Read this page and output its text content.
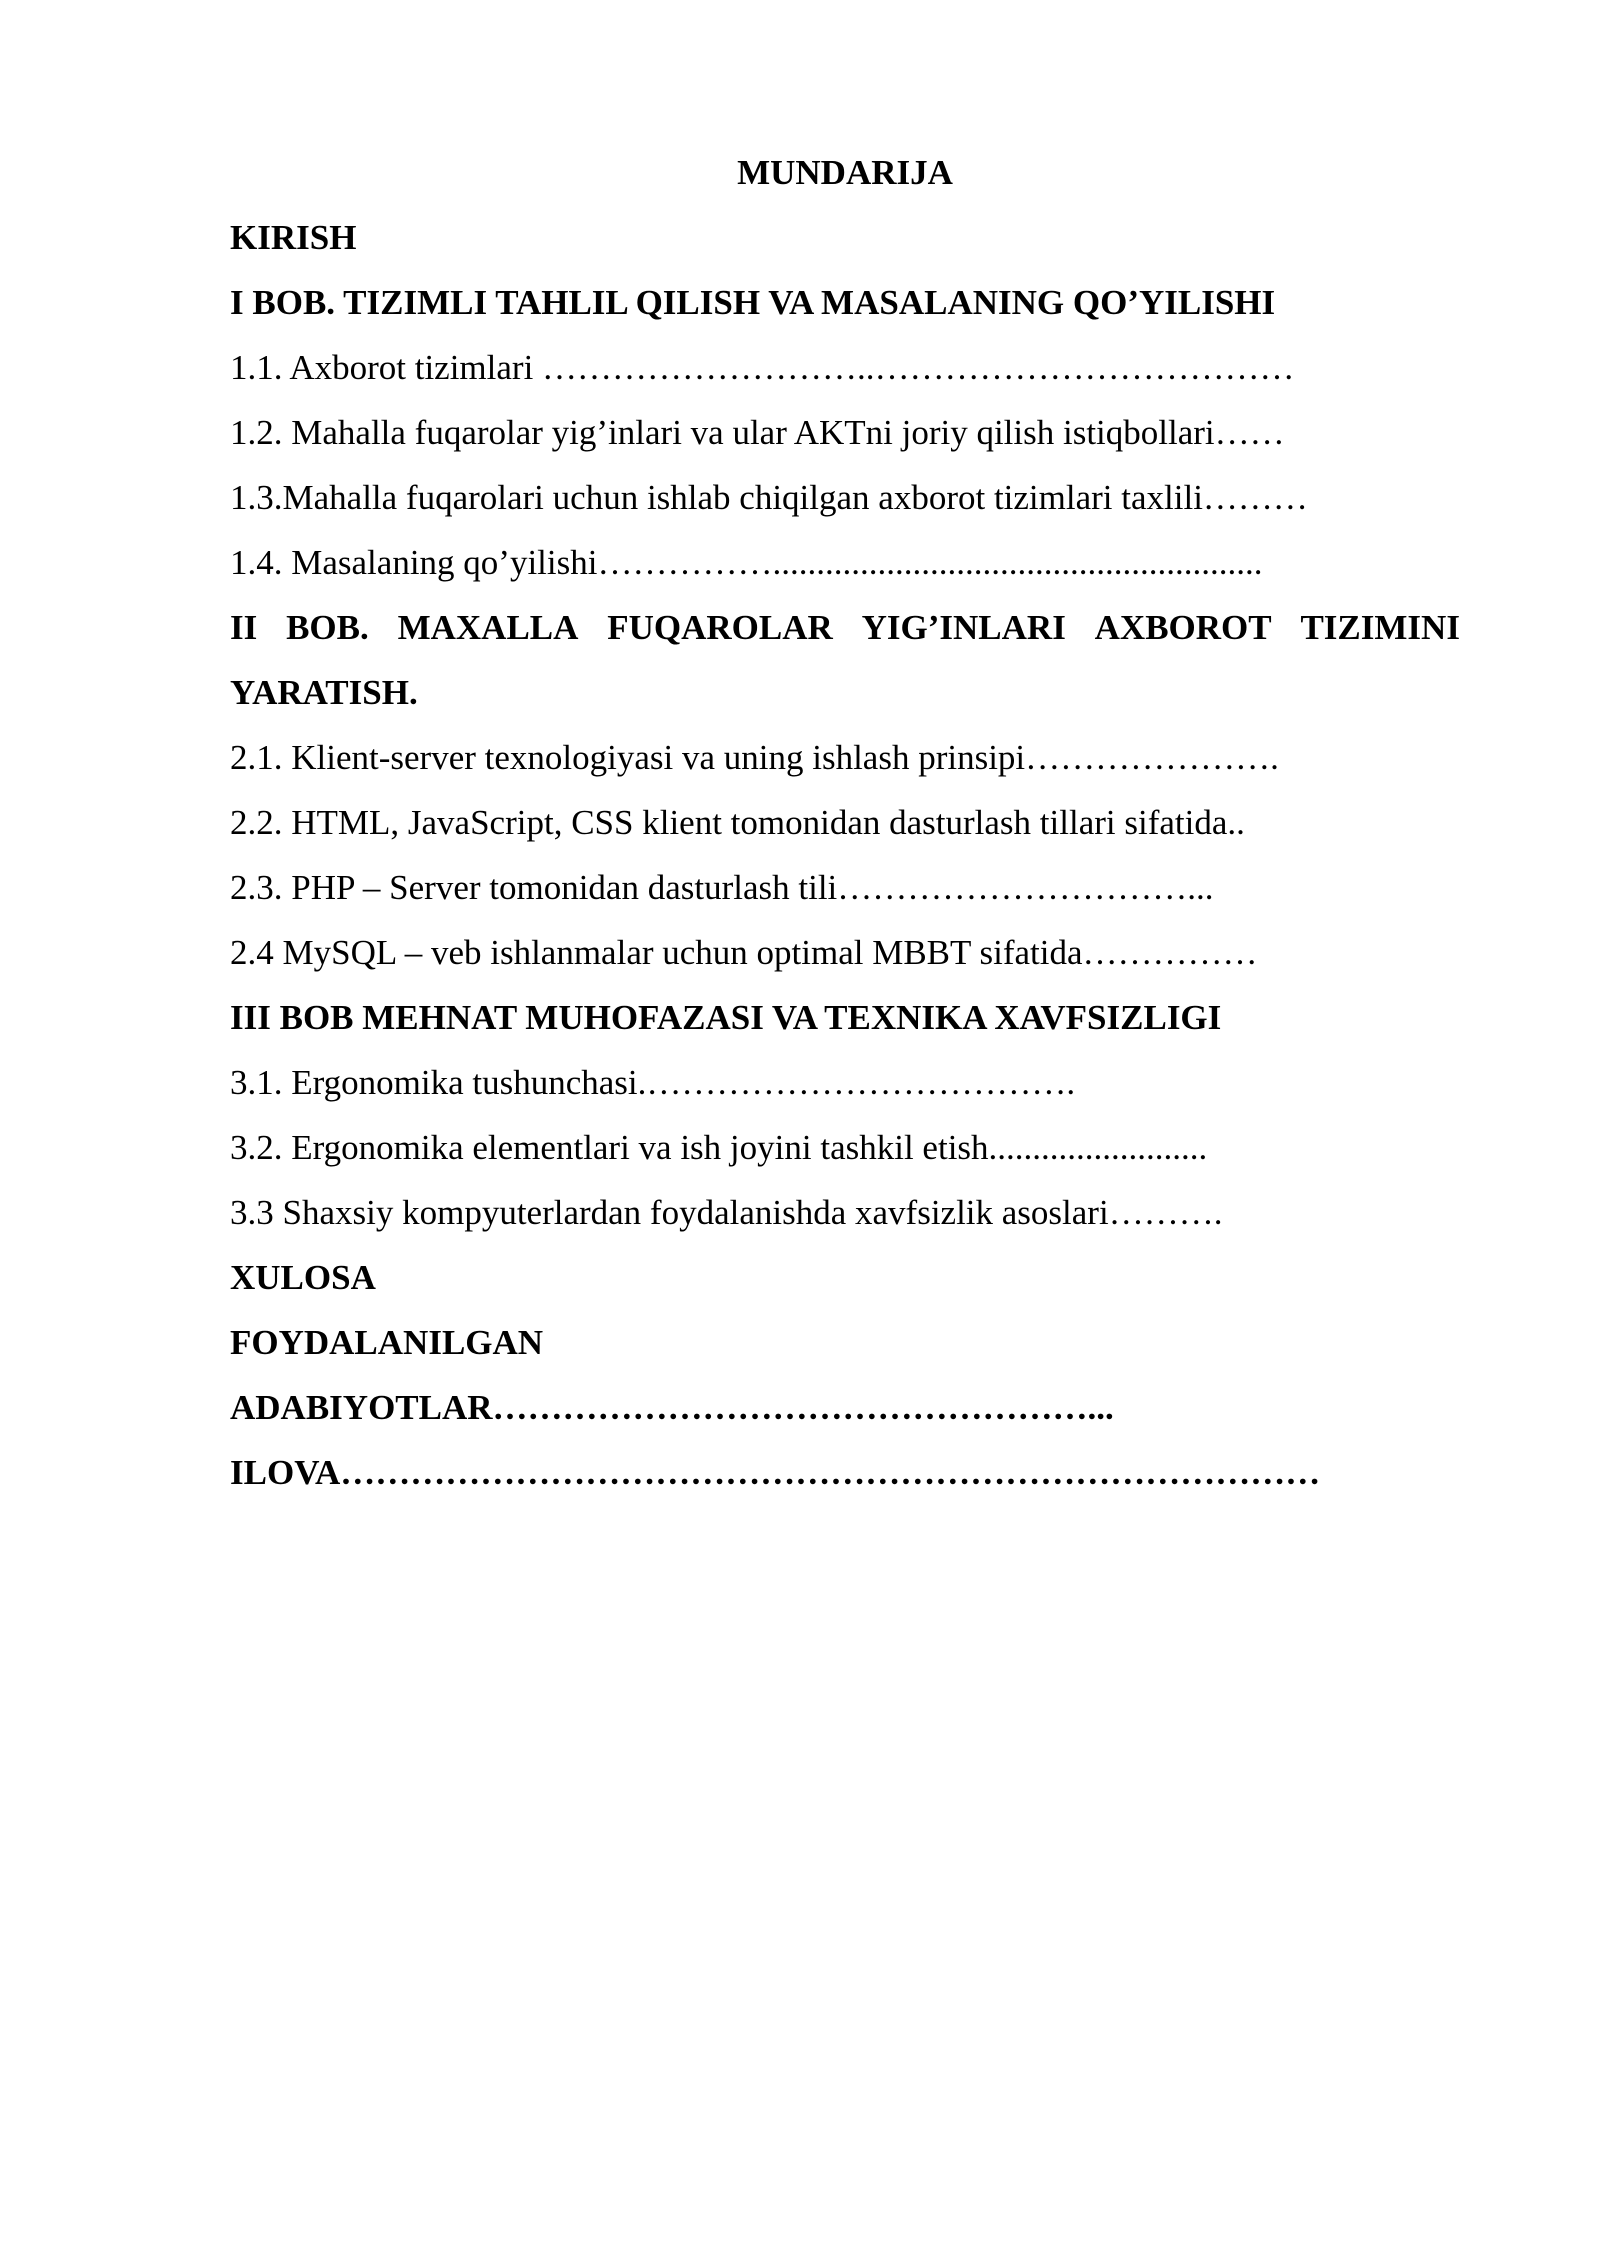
MUNDARIJA
KIRISH
I BOB. TIZIMLI TAHLIL QILISH VA MASALANING QO’YILISHI
1.1. Axborot tizimlari ………………………..………………………………
1.2. Mahalla fuqarolar yig’inlari va ular AKTni joriy qilish istiqbollari……
1.3.Mahalla fuqarolari uchun ishlab chiqilgan axborot tizimlari taxlili………
1.4. Masalaning qo’yilishi……………........................................................
II BOB. MAXALLA FUQAROLAR YIG’INLARI AXBOROT TIZIMINI
YARATISH.
2.1. Klient-server texnologiyasi va uning ishlash prinsipi………………….
2.2. HTML, JavaScript, CSS klient tomonidan dasturlash tillari sifatida..
2.3. PHP – Server tomonidan dasturlash tili…………………………...
2.4 MySQL – veb ishlanmalar uchun optimal MBBT sifatida……………
III BOB MEHNAT MUHOFAZASI VA TEXNIKA XAVFSIZLIGI
3.1. Ergonomika tushunchasi.……………………………….
3.2. Ergonomika elementlari va ish joyini tashkil etish.........................
3.3 Shaxsiy kompyuterlardan foydalanishda xavfsizlik asoslari……….
XULOSA
FOYDALANILGAN
ADABIYOTLAR……………………………………………...
ILOVA…………………………………………………………………………
